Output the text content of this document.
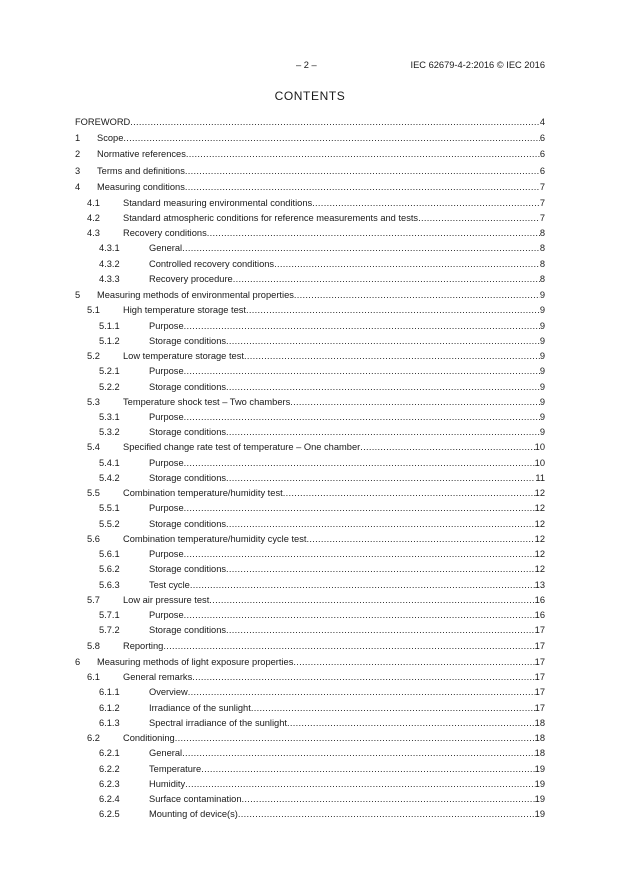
– 2 –	IEC 62679-4-2:2016 © IEC 2016
CONTENTS
FOREWORD .....	4
1	Scope .....	6
2	Normative references .....	6
3	Terms and definitions .....	6
4	Measuring conditions .....	7
4.1	Standard measuring environmental conditions .....	7
4.2	Standard atmospheric conditions for reference measurements and tests .....	7
4.3	Recovery conditions .....	8
4.3.1	General .....	8
4.3.2	Controlled recovery conditions .....	8
4.3.3	Recovery procedure .....	8
5	Measuring methods of environmental properties .....	9
5.1	High temperature storage test .....	9
5.1.1	Purpose .....	9
5.1.2	Storage conditions .....	9
5.2	Low temperature storage test .....	9
5.2.1	Purpose .....	9
5.2.2	Storage conditions .....	9
5.3	Temperature shock test – Two chambers .....	9
5.3.1	Purpose .....	9
5.3.2	Storage conditions .....	9
5.4	Specified change rate test of temperature – One chamber .....	10
5.4.1	Purpose .....	10
5.4.2	Storage conditions .....	11
5.5	Combination temperature/humidity test .....	12
5.5.1	Purpose .....	12
5.5.2	Storage conditions .....	12
5.6	Combination temperature/humidity cycle test .....	12
5.6.1	Purpose .....	12
5.6.2	Storage conditions .....	12
5.6.3	Test cycle .....	13
5.7	Low air pressure test .....	16
5.7.1	Purpose .....	16
5.7.2	Storage conditions .....	17
5.8	Reporting .....	17
6	Measuring methods of light exposure properties .....	17
6.1	General remarks .....	17
6.1.1	Overview .....	17
6.1.2	Irradiance of the sunlight .....	17
6.1.3	Spectral irradiance of the sunlight .....	18
6.2	Conditioning .....	18
6.2.1	General .....	18
6.2.2	Temperature .....	19
6.2.3	Humidity .....	19
6.2.4	Surface contamination .....	19
6.2.5	Mounting of device(s) .....	19
